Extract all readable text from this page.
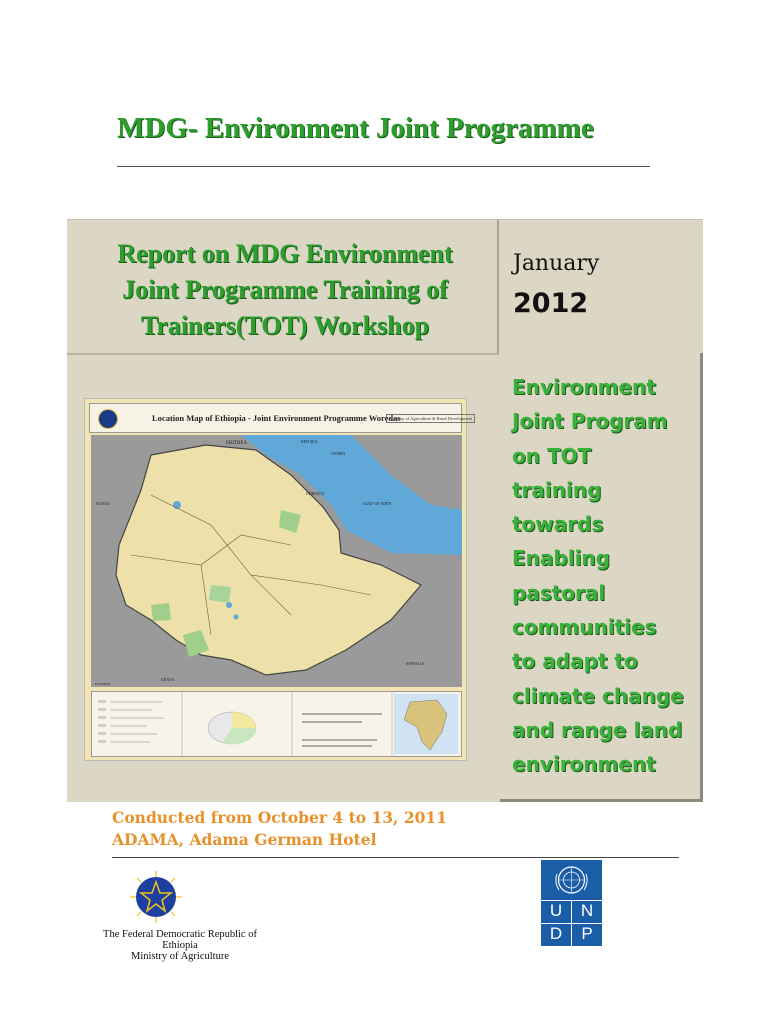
MDG- Environment Joint Programme
Report on MDG Environment
Joint Programme Training of
Trainers(TOT) Workshop
January
2012
Environment
Joint Program
on TOT
training
towards
Enabling
pastoral
communities
to adapt to
climate change
and range land
environment
Location Map of Ethiopia - Joint Environment Programme Woredas
Ministry of Agriculture & Rural Development
ERITREA
YEMEN
SUDAN
DJIBOUTI
GULF OF ADEN
SOMALIA
KENYA
UGANDA
RED SEA
Conducted from October 4 to 13, 2011
ADAMA, Adama German Hotel
The Federal Democratic Republic of Ethiopia
Ministry of Agriculture
U N
D P
